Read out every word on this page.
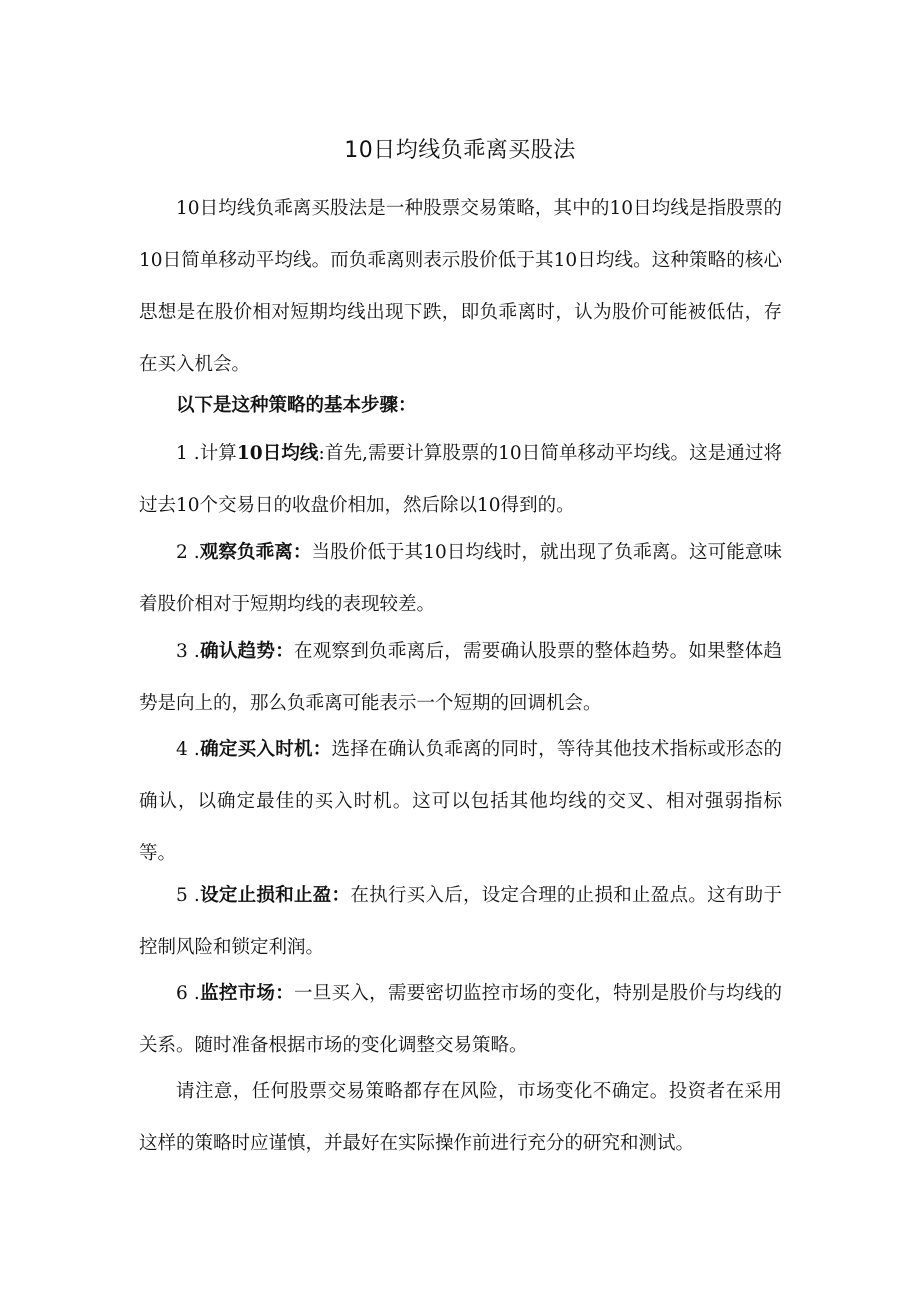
10日均线负乖离买股法

10日均线负乖离买股法是一种股票交易策略，其中的10日均线是指股票的10日简单移动平均线。而负乖离则表示股价低于其10日均线。这种策略的核心思想是在股价相对短期均线出现下跌，即负乖离时，认为股价可能被低估，存在买入机会。

以下是这种策略的基本步骤：

1 .计算10日均线:首先,需要计算股票的10日简单移动平均线。这是通过将过去10个交易日的收盘价相加，然后除以10得到的。

2 .观察负乖离：当股价低于其10日均线时，就出现了负乖离。这可能意味着股价相对于短期均线的表现较差。

3 .确认趋势：在观察到负乖离后，需要确认股票的整体趋势。如果整体趋势是向上的，那么负乖离可能表示一个短期的回调机会。

4 .确定买入时机：选择在确认负乖离的同时，等待其他技术指标或形态的确认，以确定最佳的买入时机。这可以包括其他均线的交叉、相对强弱指标等。

5 .设定止损和止盈：在执行买入后，设定合理的止损和止盈点。这有助于控制风险和锁定利润。

6 .监控市场：一旦买入，需要密切监控市场的变化，特别是股价与均线的关系。随时准备根据市场的变化调整交易策略。

请注意，任何股票交易策略都存在风险，市场变化不确定。投资者在采用这样的策略时应谨慎，并最好在实际操作前进行充分的研究和测试。
